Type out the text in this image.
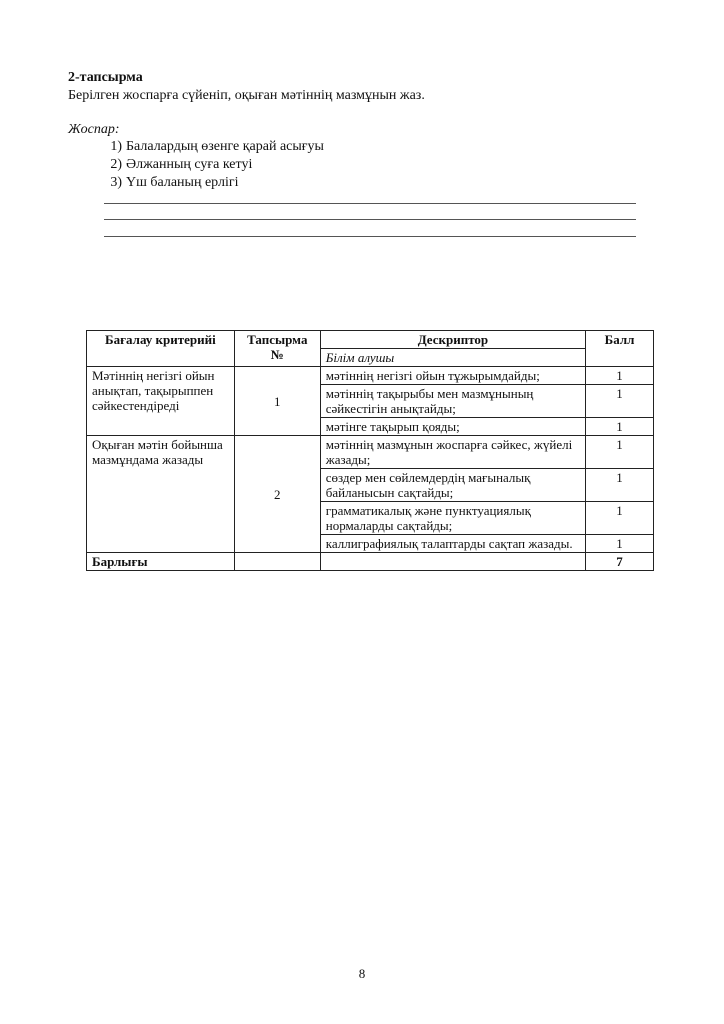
2-тапсырма
Берілген жоспарға сүйеніп, оқыған мәтіннің мазмұнын жаз.
Жоспар:
1) Балалардың өзенге қарай асығуы
2) Әлжанның суға кетуі
3) Үш баланың ерлігі
Бағалау критерийі	Тапсырма №	Дескриптор	Балл
		Білім алушы	
Мәтіннің негізгі ойын анықтап, тақырыппен сәйкестендіреді	1	мәтіннің негізгі ойын тұжырымдайды;	1
		мәтіннің тақырыбы мен мазмұнының сәйкестігін анықтайды;	1
		мәтінге тақырып қояды;	1
Оқыған мәтін бойынша мазмұндама жазады	2	мәтіннің мазмұнын жоспарға сәйкес, жүйелі жазады;	1
		сөздер мен сөйлемдердің мағыналық байланысын сақтайды;	1
		грамматикалық және пунктуациялық нормаларды сақтайды;	1
		каллиграфиялық талаптарды сақтап жазады.	1
Барлығы			7
8
